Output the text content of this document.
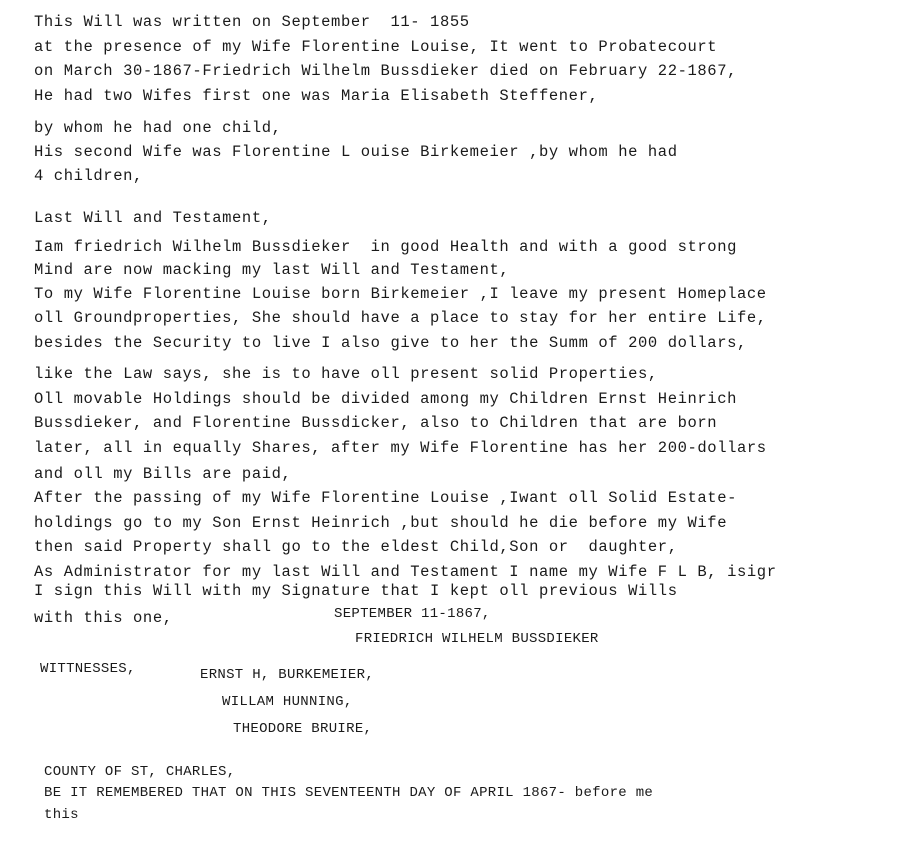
This Will was written on September  11- 1855
at the presence of my Wife Florentine Louise, It went to Probatecourt
on March 30-1867-Friedrich Wilhelm Bussdieker died on February 22-1867,
He had two Wifes first one was Maria Elisabeth Steffener,
by whom he had one child,
His second Wife was Florentine L ouise Birkemeier ,by whom he had
4 children,
Last Will and Testament,
Iam friedrich Wilhelm Bussdieker  in good Health and with a good strong
Mind are now macking my last Will and Testament,
To my Wife Florentine Louise born Birkemeier ,I leave my present Homeplace
oll Groundproperties, She should have a place to stay for her entire Life,
besides the Security to live I also give to her the Summ of 200 dollars,
like the Law says, she is to have oll present solid Properties,
Oll movable Holdings should be divided among my Children Ernst Heinrich
Bussdieker, and Florentine Bussdicker, also to Children that are born
later, all in equally Shares, after my Wife Florentine has her 200-dollars
and oll my Bills are paid,
After the passing of my Wife Florentine Louise ,Iwant oll Solid Estate-
holdings go to my Son Ernst Heinrich ,but should he die before my Wife
then said Property shall go to the eldest Child,Son or  daughter,
As Administrator for my last Will and Testament I name my Wife F L B, isigr
I sign this Will with my Signature that I kept oll previous Wills
with this one,	SEPTEMBER 11-1867,
FRIEDRICH WILHELM BUSSDIEKER
WITTNESSES,	ERNST H, BURKEMEIER,
WILLAM HUNNING,
THEODORE BRUIRE,
COUNTY OF ST, CHARLES,
BE IT REMEMBERED THAT ON THIS SEVENTEENTH DAY OF APRIL 1867- before me
this
